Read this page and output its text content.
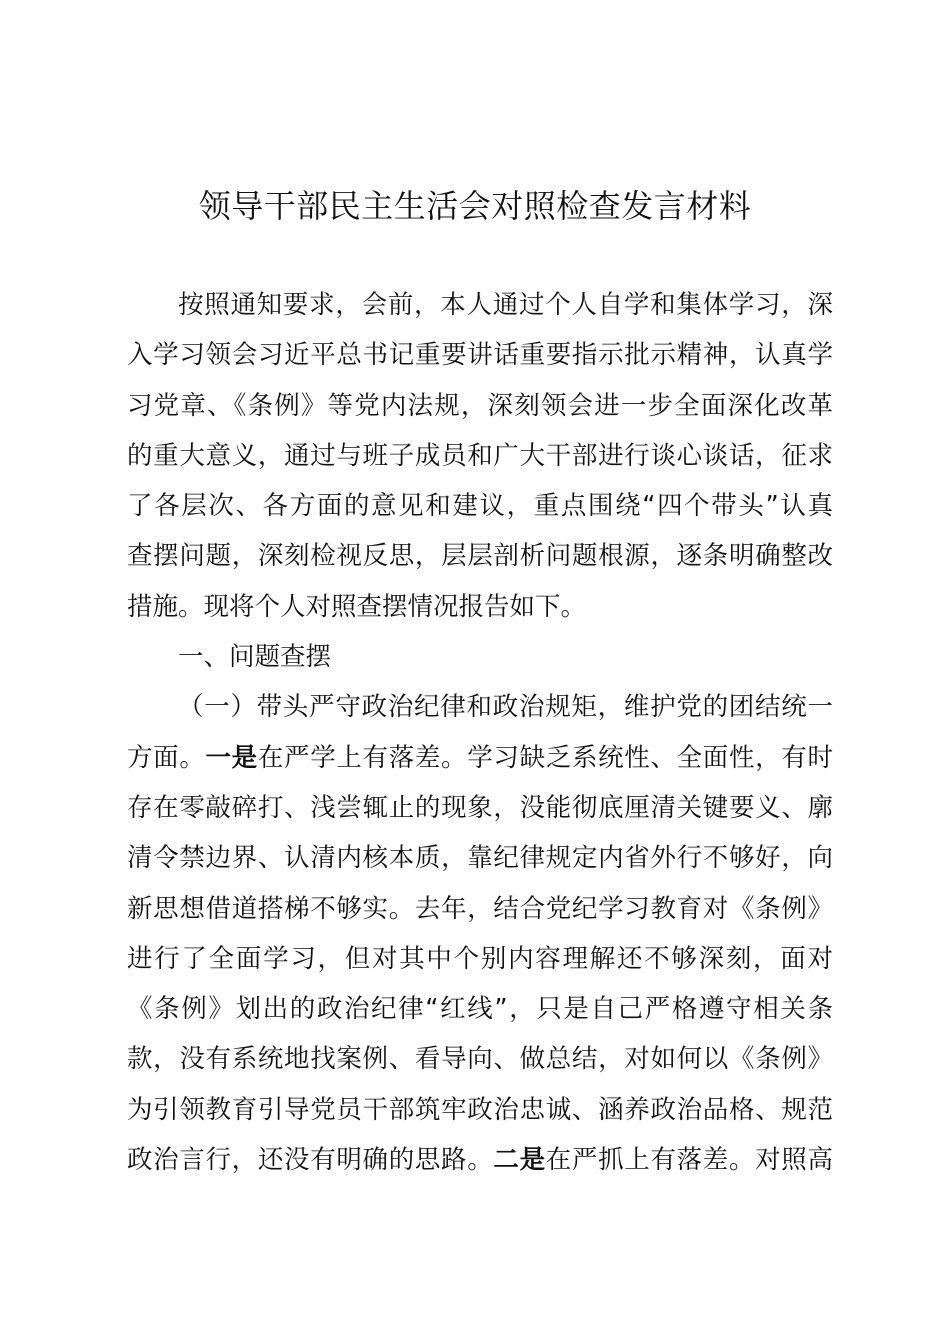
领导干部民主生活会对照检查发言材料
按照通知要求，会前，本人通过个人自学和集体学习，深
入学习领会习近平总书记重要讲话重要指示批示精神，认真学
习党章、《条例》等党内法规，深刻领会进一步全面深化改革
的重大意义，通过与班子成员和广大干部进行谈心谈话，征求
了各层次、各方面的意见和建议，重点围绕“四个带头”认真
查摆问题，深刻检视反思，层层剖析问题根源，逐条明确整改
措施。现将个人对照查摆情况报告如下。
一、问题查摆
（一）带头严守政治纪律和政治规矩，维护党的团结统一
方面。一是在严学上有落差。学习缺乏系统性、全面性，有时
存在零敲碎打、浅尝辄止的现象，没能彻底厘清关键要义、廓
清令禁边界、认清内核本质，靠纪律规定内省外行不够好，向
新思想借道搭梯不够实。去年，结合党纪学习教育对《条例》
进行了全面学习，但对其中个别内容理解还不够深刻，面对
《条例》划出的政治纪律“红线”，只是自己严格遵守相关条
款，没有系统地找案例、看导向、做总结，对如何以《条例》
为引领教育引导党员干部筑牢政治忠诚、涵养政治品格、规范
政治言行，还没有明确的思路。二是在严抓上有落差。对照高
